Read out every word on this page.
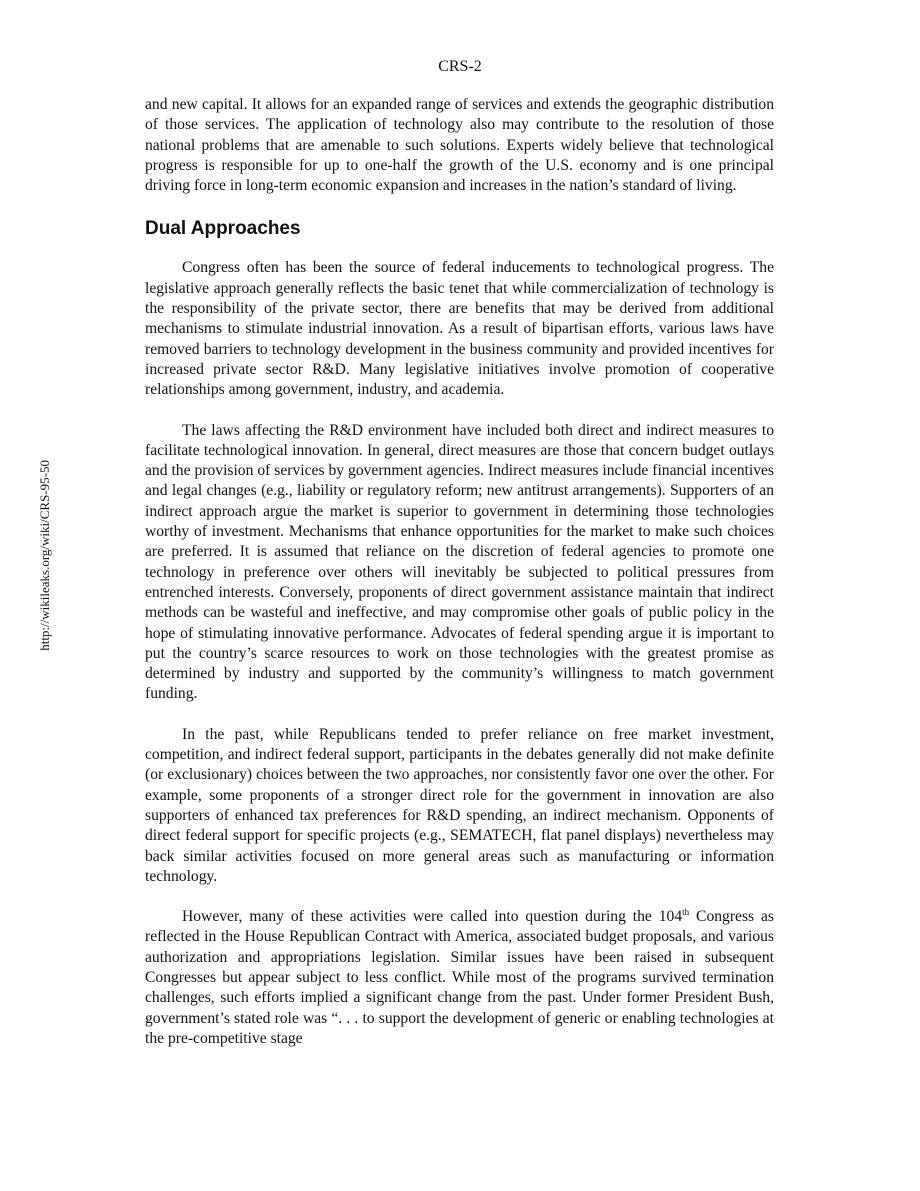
CRS-2
http://wikileaks.org/wiki/CRS-95-50

and new capital. It allows for an expanded range of services and extends the geographic distribution of those services. The application of technology also may contribute to the resolution of those national problems that are amenable to such solutions. Experts widely believe that technological progress is responsible for up to one-half the growth of the U.S. economy and is one principal driving force in long-term economic expansion and increases in the nation’s standard of living.

Dual Approaches

Congress often has been the source of federal inducements to technological progress. The legislative approach generally reflects the basic tenet that while commercialization of technology is the responsibility of the private sector, there are benefits that may be derived from additional mechanisms to stimulate industrial innovation. As a result of bipartisan efforts, various laws have removed barriers to technology development in the business community and provided incentives for increased private sector R&D. Many legislative initiatives involve promotion of cooperative relationships among government, industry, and academia.

The laws affecting the R&D environment have included both direct and indirect measures to facilitate technological innovation. In general, direct measures are those that concern budget outlays and the provision of services by government agencies. Indirect measures include financial incentives and legal changes (e.g., liability or regulatory reform; new antitrust arrangements). Supporters of an indirect approach argue the market is superior to government in determining those technologies worthy of investment. Mechanisms that enhance opportunities for the market to make such choices are preferred. It is assumed that reliance on the discretion of federal agencies to promote one technology in preference over others will inevitably be subjected to political pressures from entrenched interests. Conversely, proponents of direct government assistance maintain that indirect methods can be wasteful and ineffective, and may compromise other goals of public policy in the hope of stimulating innovative performance. Advocates of federal spending argue it is important to put the country’s scarce resources to work on those technologies with the greatest promise as determined by industry and supported by the community’s willingness to match government funding.

In the past, while Republicans tended to prefer reliance on free market investment, competition, and indirect federal support, participants in the debates generally did not make definite (or exclusionary) choices between the two approaches, nor consistently favor one over the other. For example, some proponents of a stronger direct role for the government in innovation are also supporters of enhanced tax preferences for R&D spending, an indirect mechanism. Opponents of direct federal support for specific projects (e.g., SEMATECH, flat panel displays) nevertheless may back similar activities focused on more general areas such as manufacturing or information technology.

However, many of these activities were called into question during the 104th Congress as reflected in the House Republican Contract with America, associated budget proposals, and various authorization and appropriations legislation. Similar issues have been raised in subsequent Congresses but appear subject to less conflict. While most of the programs survived termination challenges, such efforts implied a significant change from the past. Under former President Bush, government’s stated role was “. . . to support the development of generic or enabling technologies at the pre-competitive stage
